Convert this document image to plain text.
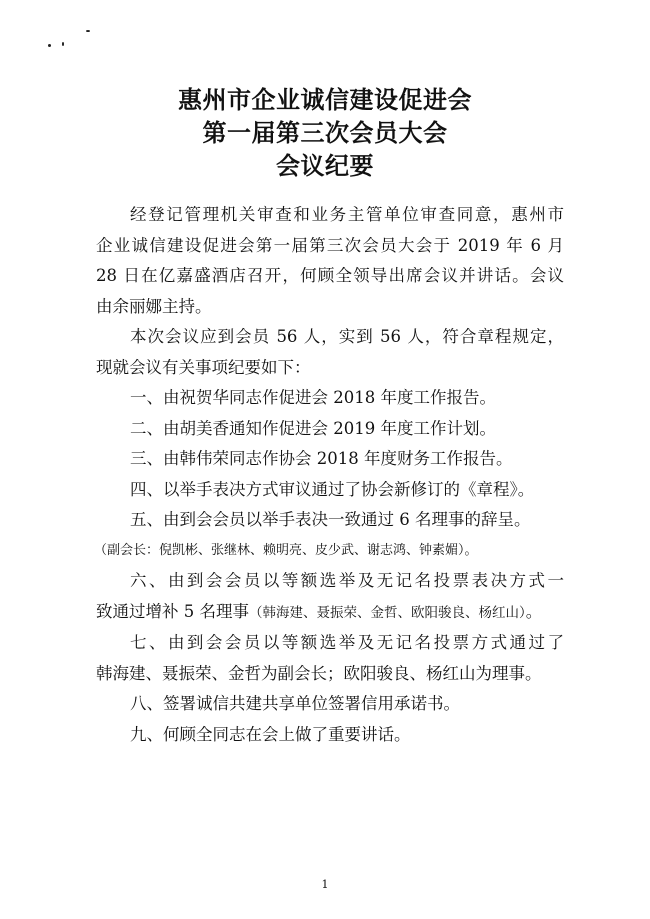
惠州市企业诚信建设促进会
第一届第三次会员大会
会议纪要
经登记管理机关审查和业务主管单位审查同意，惠州市
企业诚信建设促进会第一届第三次会员大会于 2019 年 6 月
28 日在亿嘉盛酒店召开，何顾全领导出席会议并讲话。会议
由余丽娜主持。
本次会议应到会员 56 人，实到 56 人，符合章程规定，
现就会议有关事项纪要如下：
一、由祝贺华同志作促进会 2018 年度工作报告。
二、由胡美香通知作促进会 2019 年度工作计划。
三、由韩伟荣同志作协会 2018 年度财务工作报告。
四、以举手表决方式审议通过了协会新修订的《章程》。
五、由到会会员以举手表决一致通过 6 名理事的辞呈。
（副会长：倪凯彬、张继林、赖明亮、皮少武、谢志鸿、钟素媚）。
六、由到会会员以等额选举及无记名投票表决方式一
致通过增补 5 名理事（韩海建、聂振荣、金哲、欧阳骏良、杨红山）。
七、由到会会员以等额选举及无记名投票方式通过了
韩海建、聂振荣、金哲为副会长；欧阳骏良、杨红山为理事。
八、签署诚信共建共享单位签署信用承诺书。
九、何顾全同志在会上做了重要讲话。
1
